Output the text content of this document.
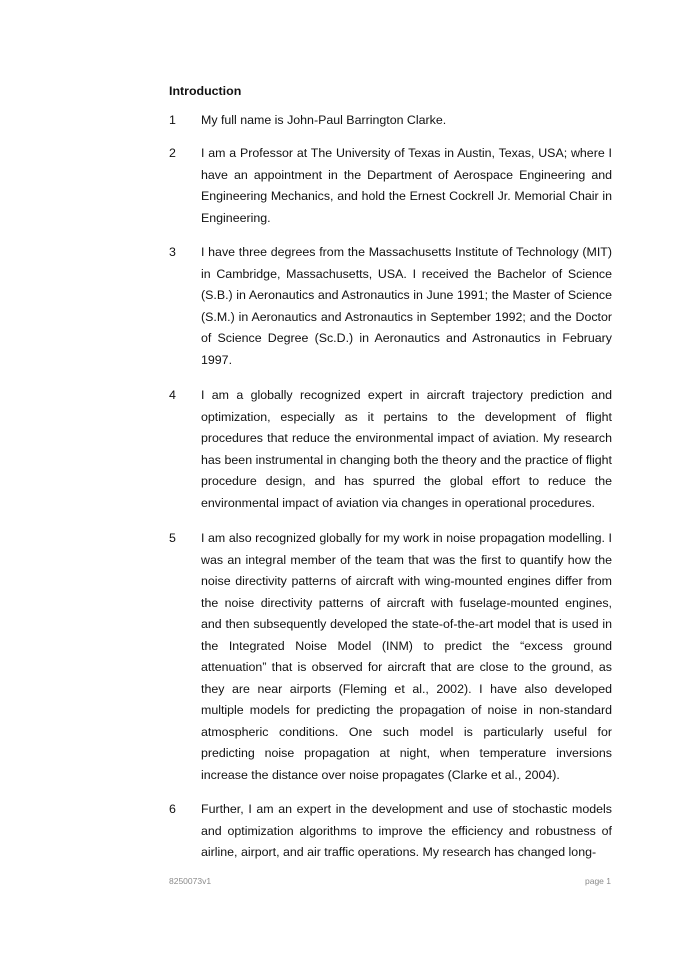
Introduction
1 My full name is John-Paul Barrington Clarke.
2 I am a Professor at The University of Texas in Austin, Texas, USA; where I have an appointment in the Department of Aerospace Engineering and Engineering Mechanics, and hold the Ernest Cockrell Jr. Memorial Chair in Engineering.
3 I have three degrees from the Massachusetts Institute of Technology (MIT) in Cambridge, Massachusetts, USA. I received the Bachelor of Science (S.B.) in Aeronautics and Astronautics in June 1991; the Master of Science (S.M.) in Aeronautics and Astronautics in September 1992; and the Doctor of Science Degree (Sc.D.) in Aeronautics and Astronautics in February 1997.
4 I am a globally recognized expert in aircraft trajectory prediction and optimization, especially as it pertains to the development of flight procedures that reduce the environmental impact of aviation. My research has been instrumental in changing both the theory and the practice of flight procedure design, and has spurred the global effort to reduce the environmental impact of aviation via changes in operational procedures.
5 I am also recognized globally for my work in noise propagation modelling. I was an integral member of the team that was the first to quantify how the noise directivity patterns of aircraft with wing-mounted engines differ from the noise directivity patterns of aircraft with fuselage-mounted engines, and then subsequently developed the state-of-the-art model that is used in the Integrated Noise Model (INM) to predict the “excess ground attenuation” that is observed for aircraft that are close to the ground, as they are near airports (Fleming et al., 2002). I have also developed multiple models for predicting the propagation of noise in non-standard atmospheric conditions. One such model is particularly useful for predicting noise propagation at night, when temperature inversions increase the distance over noise propagates (Clarke et al., 2004).
6 Further, I am an expert in the development and use of stochastic models and optimization algorithms to improve the efficiency and robustness of airline, airport, and air traffic operations. My research has changed long-
8250073v1	page 1
